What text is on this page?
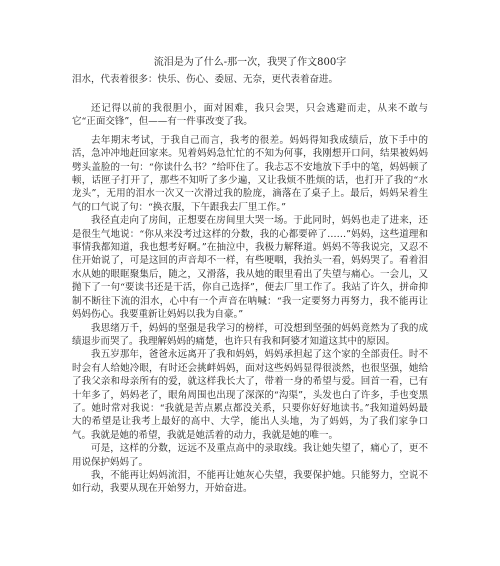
流泪是为了什么-那一次，我哭了作文800字
泪水，代表着很多：快乐、伤心、委屈、无奈，更代表着奋进。

还记得以前的我很胆小，面对困难，我只会哭，只会逃避而走，从来不敢与它“正面交锋”，但——有一件事改变了我。

去年期末考试，于我自己而言，我考的很差。妈妈得知我成绩后，放下手中的活，急冲冲地赶回家来。见着妈妈急忙忙的不知为何事，我刚想开口问，结果被妈妈劈头盖脸的一句：“你读什么书？”给吓住了。我忐忑不安地放下手中的笔，妈妈顿了顿，话匣子打开了，那些不知听了多少遍，又让我烦不胜烦的话，也打开了我的“水龙头”，无用的泪水一次又一次滑过我的脸庞，滴落在了桌子上。最后，妈妈呆着生气的口气说了句：“换衣服，下午跟我去厂里工作。”

我径直走向了房间，正想要在房间里大哭一场。于此同时，妈妈也走了进来，还是很生气地说：“你从来没考过这样的分数，我的心都要碎了……”妈妈，这些道理和事情我都知道，我也想考好啊。”在抽泣中，我极力解释道。妈妈不等我说完，又忍不住开始说了，可是这回的声音却不一样，有些哽咽，我抬头一看，妈妈哭了。看着泪水从她的眼眶聚集后，随之，又滑落，我从她的眼里看出了失望与痛心。一会儿，又抛下了一句“要读书还是干活，你自己选择”，便去厂里工作了。我站了许久，拼命抑制不断往下流的泪水，心中有一个声音在呐喊：“我一定要努力再努力，我不能再让妈妈伤心。我要重新让妈妈以我为自豪。”

我思绪万千，妈妈的坚强是我学习的榜样，可没想到坚强的妈妈竟然为了我的成绩退步而哭了。我理解妈妈的痛楚，也许只有我和阿婆才知道这其中的原因。

我五岁那年，爸爸永远离开了我和妈妈，妈妈承担起了这个家的全部责任。时不时会有人给她冷眼，有时还会挑衅妈妈，面对这些妈妈显得很淡然，也很坚强，她给了我父亲和母亲所有的爱，就这样我长大了，带着一身的希望与爱。回首一看，已有十年多了，妈妈老了，眼角周围也出现了深深的“沟渠”，头发也白了许多，手也变黑了。她时常对我说：“我就是苦点累点都没关系，只要你好好地读书。”我知道妈妈最大的希望是让我考上最好的高中、大学，能出人头地，为了妈妈，为了我们家争口气。我就是她的希望，我就是她活着的动力，我就是她的唯一。

可是，这样的分数，远远不及重点高中的录取线。我让她失望了，痛心了，更不用说保护妈妈了。

我，不能再让妈妈流泪，不能再让她灰心失望，我要保护她。只能努力，空说不如行动，我要从现在开始努力，开始奋进。
